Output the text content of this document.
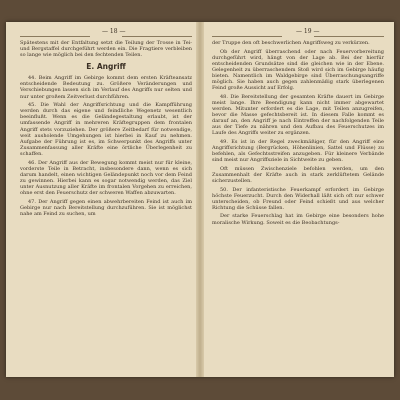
— 18 —	— 19 —

Spätestens mit der Entfaltung setzt die Teilung der Trosse in Tei- und Bergstaffel durchgeführt werden ein. Die Fragtiere verbleiben so lange wie möglich bei den fechtenden Teilen.

E. Angriff

44. Beim Angriff im Gebirge kommt dem ersten Kräfteansatz entscheidende Bedeutung zu. Größere Veränderungen und Verschiebungen lassen sich im Verlauf des Angriffs nur selten und nur unter großem Zeitverlust durchführen.

45. Die Wahl der Angriffsrichtung und die Kampfführung werden durch das eigene und feindliche Wegenetz wesentlich beeinflußt. Wenn es die Geländegestaltung erlaubt, ist der umfassende Angriff in mehreren Kräftegruppen dem frontalen Angriff stets vorzuziehen. Der größere Zeitbedarf für notwendige, weit ausholende Umgehungen ist hierbei in Kauf zu nehmen. Aufgabe der Führung ist es, im Schwerpunkt des Angriffs unter Zusammenfassung aller Kräfte eine örtliche Überlegenheit zu schaffen.

46. Der Angriff aus der Bewegung kommt meist nur für kleine, vorderste Teile in Betracht, insbesondere dann, wenn es sich darum handelt, einen wichtigen Geländepunkt noch vor dem Feind zu gewinnen. Hierbei kann es sogar notwendig werden, das Ziel unter Ausnutzung aller Kräfte im frontalen Vorgehen zu erreichen, ohne erst den Feuerschutz der schweren Waffen abzuwarten.

47. Der Angriff gegen einen abwehrbereiten Feind ist auch im Gebirge nur nach Bereitstellung durchzuführen. Sie ist möglichst nahe am Feind zu suchen, um

der Truppe den oft beschwerlichen Angriffsweg zu verkürzen.

Ob der Angriff überraschend oder nach Feuervorbereitung durchgeführt wird, hängt von der Lage ab. Bei der hierfür entscheidenden Grundsätze sind die gleichen wie in der Ebene. Gelegenheit zu überraschendem Stoß wird sich im Gebirge häufig bieten. Namentlich im Waldgebirge sind Überraschungsangriffe möglich. Sie haben auch gegen zahlenmäßig stark überlegenen Feind große Aussicht auf Erfolg.

48. Die Bereitstellung der gesamten Kräfte dauert im Gebirge meist lange. Ihre Beendigung kann nicht immer abgewartet werden. Mitunter erfordert es die Lage, mit Teilen anzugreifen, bevor die Masse gefechtsbereit ist. In diesem Falle kommt es darauf an, den Angriff je nach Eintreffen der nachfolgenden Teile aus der Tiefe zu nähren und den Aufbau des Feuerschutzes im Laufe des Angriffs weiter zu ergänzen.

49. Es ist in der Regel zweckmäßiger, für den Angriff eine Angriffsrichtung (Bergrücken, Höhenlinien, Sattel und Flüsse) zu befehlen, als Gefechtsstreifen anzugeben. Für kleinere Verbände sind meist nur Angriffsziele in Sichtweite zu geben.

Oft müssen Zwischenziele befohlen werden, um den Zusammenhalt der Kräfte auch in stark zerklüftetem Gelände sicherzustellen.

50. Der infanteristische Feuerkampf erfordert im Gebirge höchste Feuerzucht. Durch den Widerhall läßt sich oft nur schwer unterscheiden, ob Freund oder Feind schießt und aus welcher Richtung die Schüsse fallen.

Der starke Feuerschlag hat im Gebirge eine besonders hohe moralische Wirkung. Soweit es die Beobachtungs-
